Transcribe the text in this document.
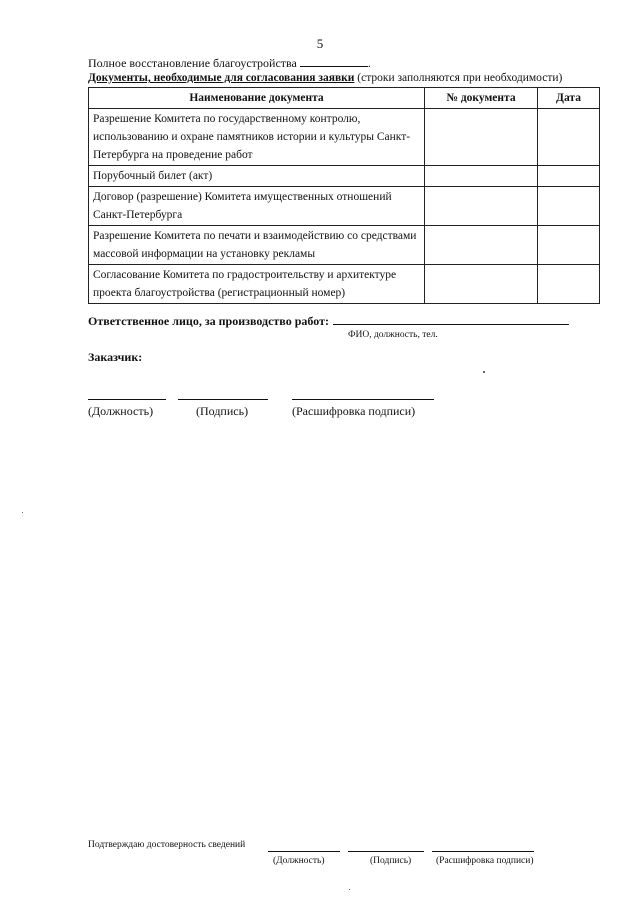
5
Полное восстановление благоустройства	.
Документы, необходимые для согласования заявки (строки заполняются при необходимости)
Наименование документа	№ документа	Дата
Разрешение Комитета по государственному контролю, использованию и охране памятников истории и культуры Санкт-Петербурга на проведение работ		
Порубочный билет (акт)		
Договор (разрешение) Комитета имущественных отношений Санкт-Петербурга		
Разрешение Комитета по печати и взаимодействию со средствами массовой информации на установку рекламы		
Согласование Комитета по градостроительству и архитектуре проекта благоустройства (регистрационный номер)		
Ответственное лицо, за производство работ:
ФИО, должность, тел.
Заказчик:
(Должность)	(Подпись)	(Расшифровка подписи)
Подтверждаю достоверность сведений
(Должность)	(Подпись)	(Расшифровка подписи)
